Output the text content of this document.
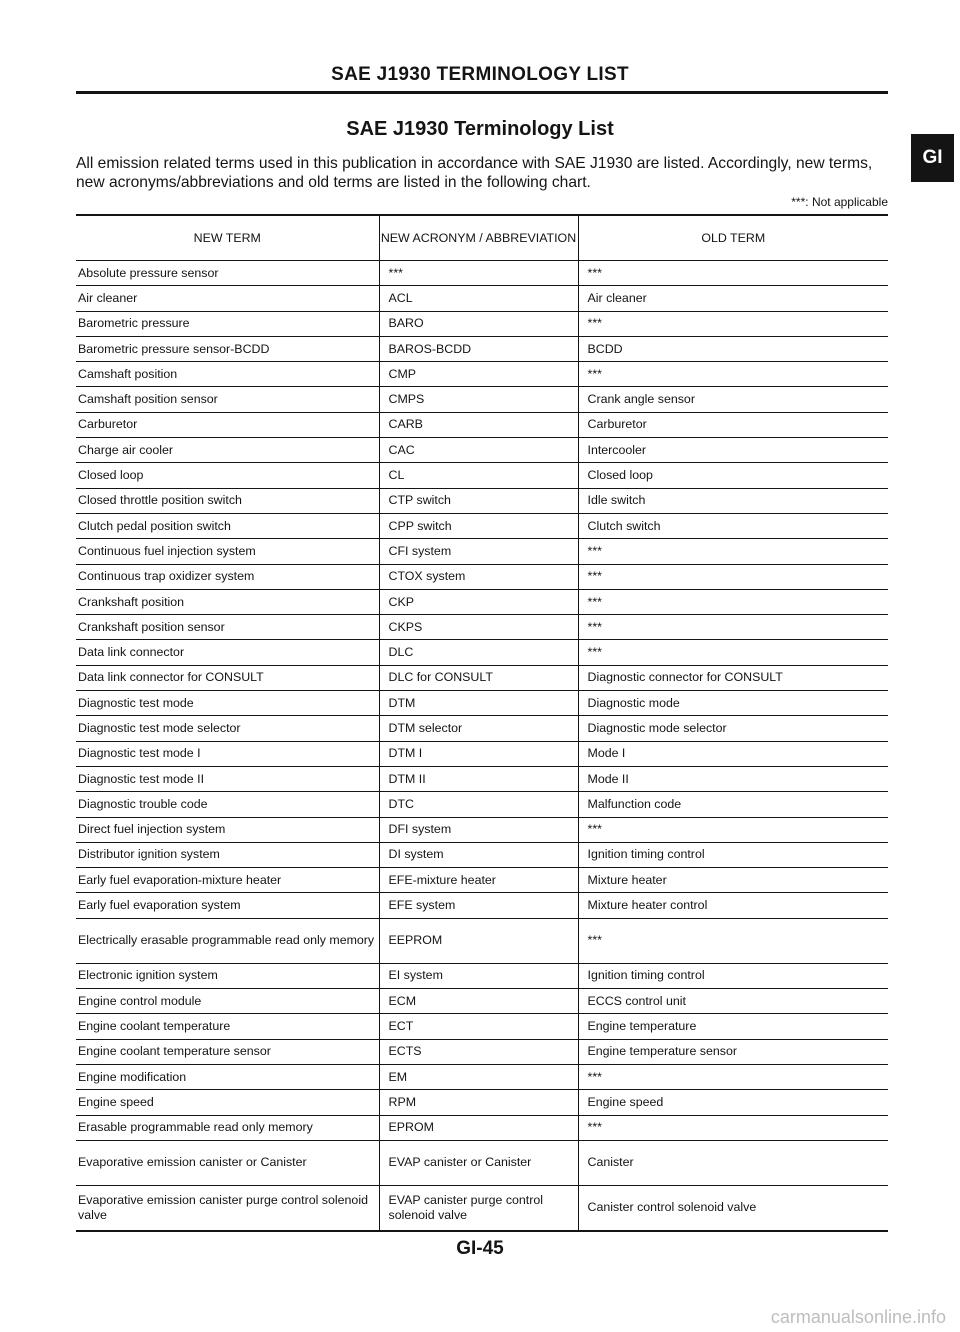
SAE J1930 TERMINOLOGY LIST
GI
SAE J1930 Terminology List
All emission related terms used in this publication in accordance with SAE J1930 are listed. Accordingly, new terms, new acronyms/abbreviations and old terms are listed in the following chart.
***: Not applicable
NEW TERM	NEW ACRONYM / ABBREVIATION	OLD TERM
Absolute pressure sensor	***	***
Air cleaner	ACL	Air cleaner
Barometric pressure	BARO	***
Barometric pressure sensor-BCDD	BAROS-BCDD	BCDD
Camshaft position	CMP	***
Camshaft position sensor	CMPS	Crank angle sensor
Carburetor	CARB	Carburetor
Charge air cooler	CAC	Intercooler
Closed loop	CL	Closed loop
Closed throttle position switch	CTP switch	Idle switch
Clutch pedal position switch	CPP switch	Clutch switch
Continuous fuel injection system	CFI system	***
Continuous trap oxidizer system	CTOX system	***
Crankshaft position	CKP	***
Crankshaft position sensor	CKPS	***
Data link connector	DLC	***
Data link connector for CONSULT	DLC for CONSULT	Diagnostic connector for CONSULT
Diagnostic test mode	DTM	Diagnostic mode
Diagnostic test mode selector	DTM selector	Diagnostic mode selector
Diagnostic test mode I	DTM I	Mode I
Diagnostic test mode II	DTM II	Mode II
Diagnostic trouble code	DTC	Malfunction code
Direct fuel injection system	DFI system	***
Distributor ignition system	DI system	Ignition timing control
Early fuel evaporation-mixture heater	EFE-mixture heater	Mixture heater
Early fuel evaporation system	EFE system	Mixture heater control
Electrically erasable programmable read only memory	EEPROM	***
Electronic ignition system	EI system	Ignition timing control
Engine control module	ECM	ECCS control unit
Engine coolant temperature	ECT	Engine temperature
Engine coolant temperature sensor	ECTS	Engine temperature sensor
Engine modification	EM	***
Engine speed	RPM	Engine speed
Erasable programmable read only memory	EPROM	***
Evaporative emission canister or Canister	EVAP canister or Canister	Canister
Evaporative emission canister purge control solenoid valve	EVAP canister purge control solenoid valve	Canister control solenoid valve
GI-45
carmanualsonline.info
